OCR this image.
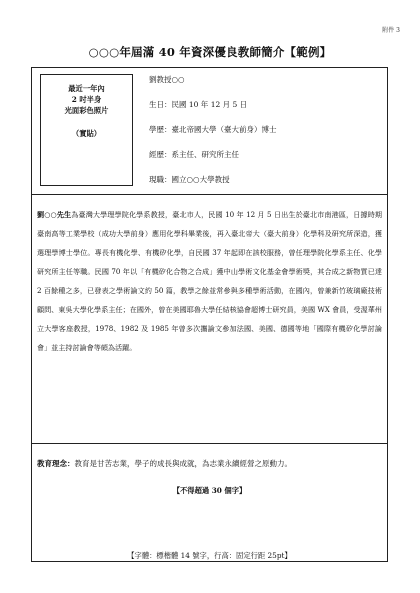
附件 3
○○○年屆滿 40 年資深優良教師簡介【範例】
最近一年內
2 吋半身
光面彩色照片
（實貼）
劉教授○○
生日：民國 10 年 12 月 5 日
學歷：臺北帝國大學（臺大前身）博士
經歷：系主任、研究所主任
現職：國立○○大學教授
劉○○先生為臺灣大學理學院化學系教授，臺北市人，民國 10 年 12 月 5 日出生於臺北市南港區，日據時期臺南高等工業學校（成功大學前身）應用化學科畢業後，再入臺北帝大（臺大前身）化學科及研究所深造，獲選理學博士學位。專長有機化學、有機矽化學，自民國 37 年起即在該校服務，曾任理學院化學系主任、化學研究所主任等職。民國 70 年以「有機矽化合物之合成」獲中山學術文化基金會學術獎，其合成之新物質已達 2 百餘種之多，已發表之學術論文約 50 篇，教學之餘並常參與多種學術活動，在國內，曾兼新竹玻璃廠技術顧問、東吳大學化學系主任；在國外，曾在美國耶魯大學任結核協會超博士研究員，美國 WX 會員，受渥華州立大學客座教授，1978、1982 及 1985 年曾多次攜論文參加法國、美國、德國等地「國際有機矽化學討論會」並主持討論會等頗為活躍。
【字體：標楷體 14 號字，行高：固定行距 25pt】
教育理念：教育是甘苦志業，學子的成長與成就，為志業永續經營之原動力。
【不得超過 30 個字】
